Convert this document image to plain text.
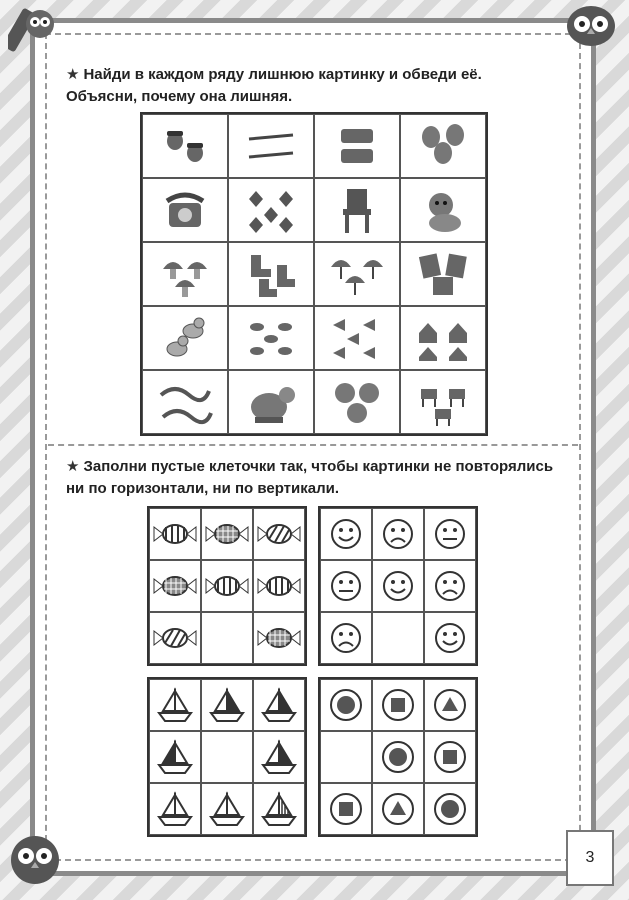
★ Найди в каждом ряду лишнюю картинку и обведи её.
Объясни, почему она лишняя.
★ Заполни пустые клеточки так, чтобы картинки не повторялись
ни по горизонтали, ни по вертикали.
3
